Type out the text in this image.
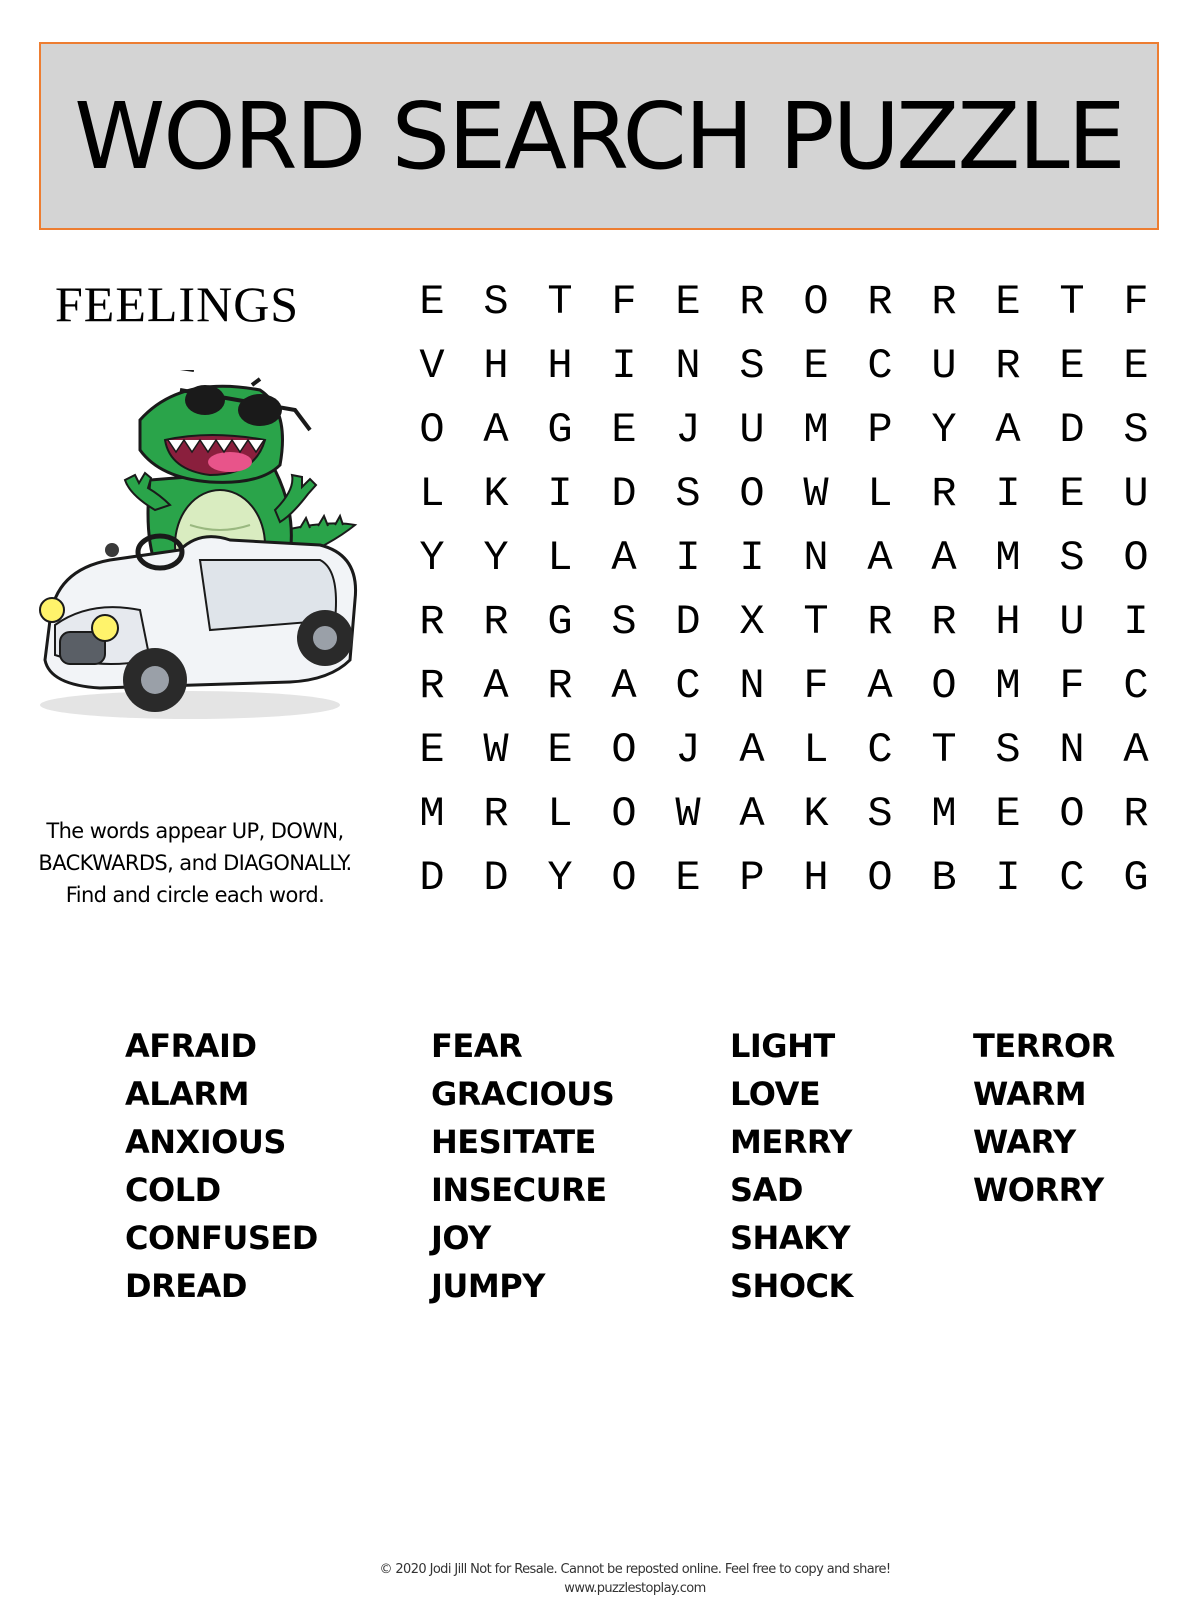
WORD SEARCH PUZZLE
FEELINGS
The words appear UP, DOWN,
BACKWARDS, and DIAGONALLY.
Find and circle each word.
E S T F E R O R R E T F
V H H I N S E C U R E E
O A G E J U M P Y A D S
L K I D S O W L R I E U
Y Y L A I I N A A M S O
R R G S D X T R R H U I
R A R A C N F A O M F C
E W E O J A L C T S N A
M R L O W A K S M E O R
D D Y O E P H O B I C G
AFRAID
ALARM
ANXIOUS
COLD
CONFUSED
DREAD
FEAR
GRACIOUS
HESITATE
INSECURE
JOY
JUMPY
LIGHT
LOVE
MERRY
SAD
SHAKY
SHOCK
TERROR
WARM
WARY
WORRY
© 2020 Jodi Jill Not for Resale. Cannot be reposted online. Feel free to copy and share!
www.puzzlestoplay.com
